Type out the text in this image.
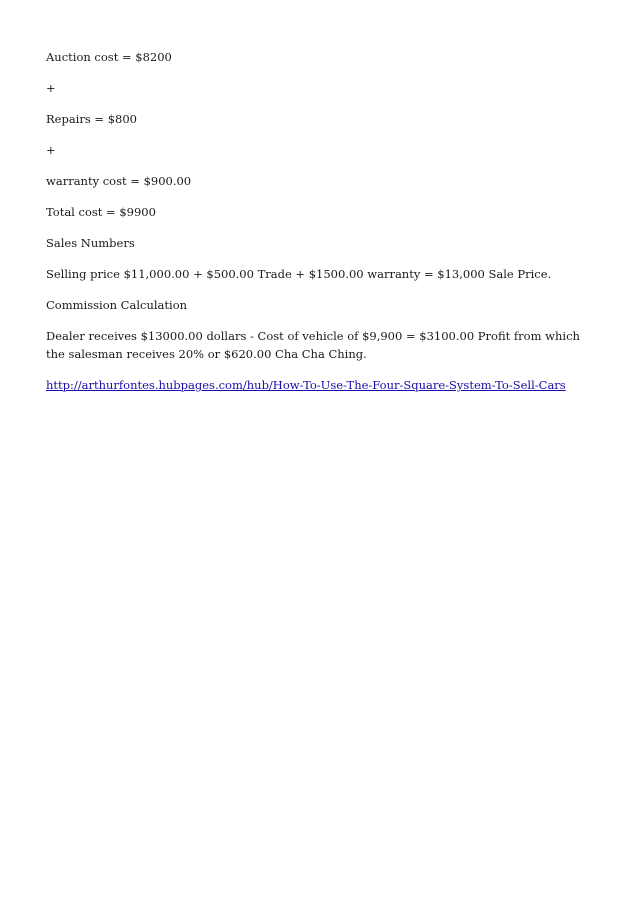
Auction cost = $8200

+

Repairs = $800

+

warranty cost = $900.00

Total cost = $9900

Sales Numbers

Selling price $11,000.00 + $500.00 Trade + $1500.00 warranty = $13,000 Sale Price.

Commission Calculation

Dealer receives $13000.00 dollars - Cost of vehicle of $9,900 = $3100.00 Profit from which the salesman receives 20% or $620.00 Cha Cha Ching.

http://arthurfontes.hubpages.com/hub/How-To-Use-The-Four-Square-System-To-Sell-Cars
